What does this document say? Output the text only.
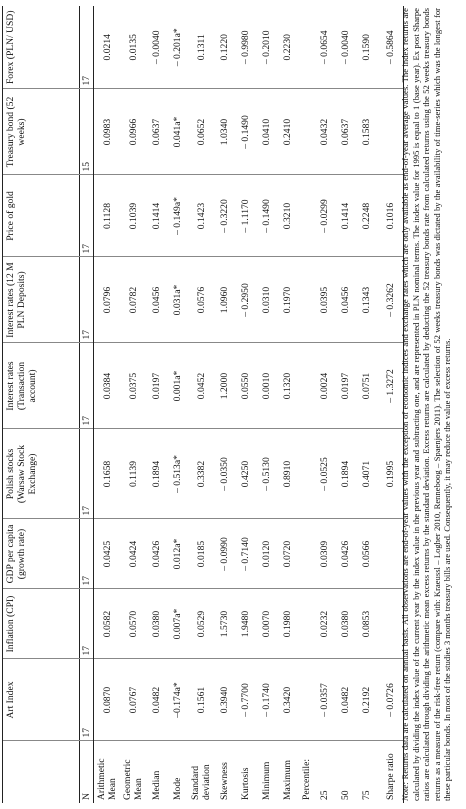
	Art Index	Inflation (CPI)	GDP per capita (growth rate)	Polish stocks (Warsaw Stock Exchange)	Interest rates (Transaction account)	Interest rates (12 M PLN Deposits)	Price of gold	Treasury bond (52 weeks)	Forex (PLN/ USD)
N	17	17	17	17	17	17	17	15	17
Arithmetic Mean	0.0870	0.0582	0.0425	0.1658	0.0384	0.0796	0.1128	0.0983	0.0214
Geometric Mean	0.0767	0.0570	0.0424	0.1139	0.0375	0.0782	0.1039	0.0966	0.0135
Median	0.0482	0.0380	0.0426	0.1894	0.0197	0.0456	0.1414	0.0637	– 0.0040
Mode	–0.174a*	0.007a*	0.012a*	– 0.513a*	0.001a*	0.031a*	– 0.149a*	0.041a*	– 0.201a*
Standard deviation	0.1561	0.0529	0.0185	0.3382	0.0452	0.0576	0.1423	0.0652	0.1311
Skewness	0.3940	1.5730	– 0.0990	– 0.0350	1.2000	1.0960	– 0.3220	1.0340	0.1220
Kurtosis	– 0.7700	1.9480	– 0.7140	0.4250	0.0550	– 0.2950	– 1.1170	– 0.1490	– 0.9980
Minimum	– 0.1740	0.0070	0.0120	– 0.5130	0.0010	0.0310	– 0.1490	0.0410	– 0.2010
Maximum	0.3420	0.1980	0.0720	0.8910	0.1320	0.1970	0.3210	0.2410	0.2230
Percentile:									
25	– 0.0357	0.0232	0.0309	– 0.0525	0.0024	0.0395	– 0.0299	0.0432	– 0.0654
50	0.0482	0.0380	0.0426	0.1894	0.0197	0.0456	0.1414	0.0637	– 0.0040
75	0.2192	0.0853	0.0566	0.4071	0.0751	0.1343	0.2248	0.1583	0.1590
Sharpe ratio	– 0.0726			0.1995	– 1.3272	– 0.3262	0.1016		– 0.5864
Note: Returns data are calculated on annual basis. All observations are end-of-year values with the exception of economic indices and exchange rates which are only available as end-of-year average values. The index returns are calculated by dividing the index value of the current year by the index value in the previous year and subtracting one, and are represented in PLN nominal terms. The index value for 1995 is equal to 1 (base year). Ex post Sharpe ratios are calculated through dividing the arithmetic mean excess returns by the standard deviation. Excess returns are calculated by deducting the 52 treasury bonds rate from calculated returns using the 52 weeks treasury bonds returns as a measure of the risk-free return (compare with: Kraeussl – Logher 2010, Renneboog – Spaenjers 2011). The selection of 52 weeks treasury bonds was dictated by the availability of time-series which was the longest for these particular bonds. In most of the studies 3 months treasury bills are used. Consequently, it may reduce the value of excess returns.
